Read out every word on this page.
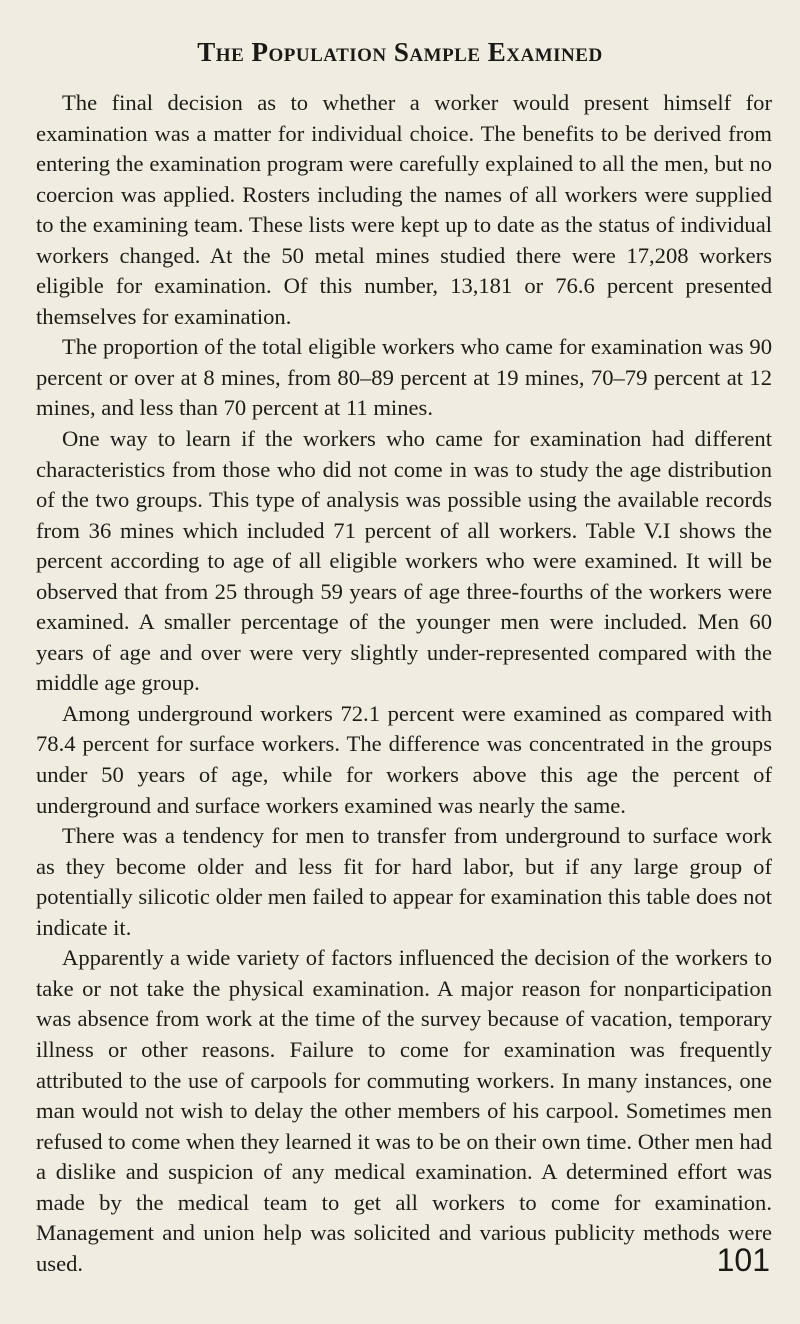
The Population Sample Examined

The final decision as to whether a worker would present himself for examination was a matter for individual choice. The benefits to be derived from entering the examination program were carefully explained to all the men, but no coercion was applied. Rosters including the names of all workers were supplied to the examining team. These lists were kept up to date as the status of individual workers changed. At the 50 metal mines studied there were 17,208 workers eligible for examination. Of this number, 13,181 or 76.6 percent presented themselves for examination.

The proportion of the total eligible workers who came for examination was 90 percent or over at 8 mines, from 80–89 percent at 19 mines, 70–79 percent at 12 mines, and less than 70 percent at 11 mines.

One way to learn if the workers who came for examination had different characteristics from those who did not come in was to study the age distribution of the two groups. This type of analysis was possible using the available records from 36 mines which included 71 percent of all workers. Table V.I shows the percent according to age of all eligible workers who were examined. It will be observed that from 25 through 59 years of age three-fourths of the workers were examined. A smaller percentage of the younger men were included. Men 60 years of age and over were very slightly under-represented compared with the middle age group.

Among underground workers 72.1 percent were examined as compared with 78.4 percent for surface workers. The difference was concentrated in the groups under 50 years of age, while for workers above this age the percent of underground and surface workers examined was nearly the same.

There was a tendency for men to transfer from underground to surface work as they become older and less fit for hard labor, but if any large group of potentially silicotic older men failed to appear for examination this table does not indicate it.

Apparently a wide variety of factors influenced the decision of the workers to take or not take the physical examination. A major reason for nonparticipation was absence from work at the time of the survey because of vacation, temporary illness or other reasons. Failure to come for examination was frequently attributed to the use of carpools for commuting workers. In many instances, one man would not wish to delay the other members of his carpool. Sometimes men refused to come when they learned it was to be on their own time. Other men had a dislike and suspicion of any medical examination. A determined effort was made by the medical team to get all workers to come for examination. Management and union help was solicited and various publicity methods were used.	101
